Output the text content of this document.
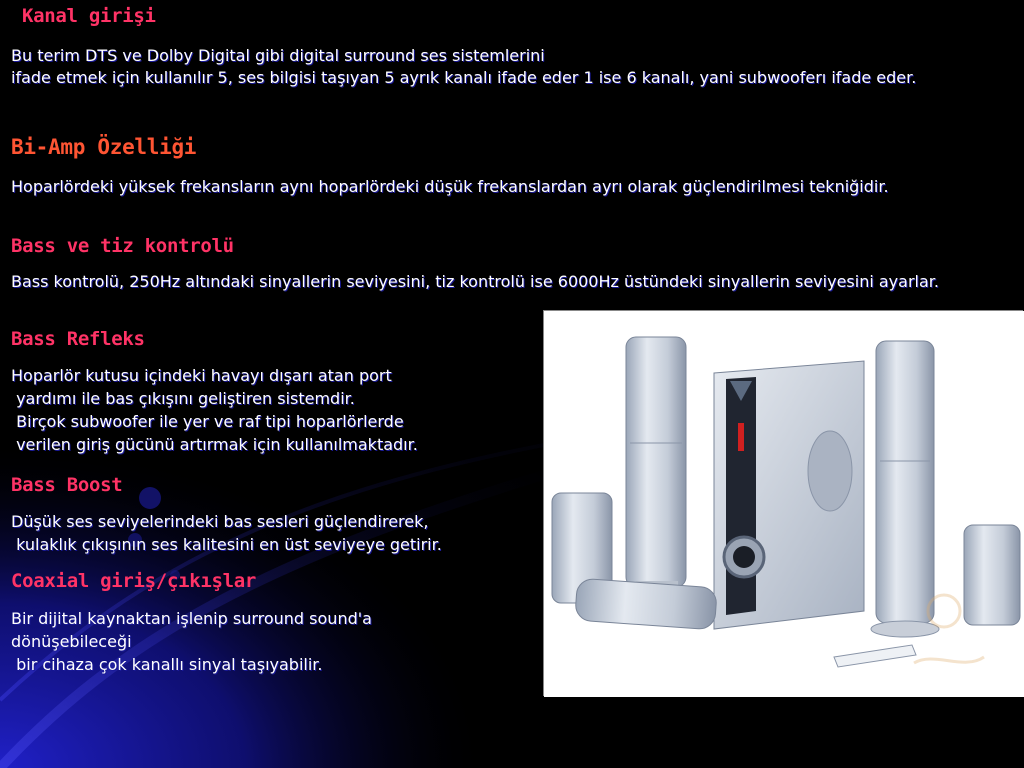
Kanal girişi
Bu terim DTS ve Dolby Digital gibi digital surround ses sistemlerini
ifade etmek için kullanılır 5, ses bilgisi taşıyan 5 ayrık kanalı ifade eder 1 ise 6 kanalı, yani subwooferı ifade eder.
Bi-Amp Özelliği
Hoparlördeki yüksek frekansların aynı hoparlördeki düşük frekanslardan ayrı olarak güçlendirilmesi tekniğidir.
Bass ve tiz kontrolü
Bass kontrolü, 250Hz altındaki sinyallerin seviyesini, tiz kontrolü ise 6000Hz üstündeki sinyallerin seviyesini ayarlar.
Bass Refleks
Hoparlör kutusu içindeki havayı dışarı atan port
yardımı ile bas çıkışını geliştiren sistemdir.
Birçok subwoofer ile yer ve raf tipi hoparlörlerde
verilen giriş gücünü artırmak için kullanılmaktadır.
Bass Boost
Düşük ses seviyelerindeki bas sesleri güçlendirerek,
kulaklık çıkışının ses kalitesini en üst seviyeye getirir.
Coaxial giriş/çıkışlar
Bir dijital kaynaktan işlenip surround sound'a
dönüşebileceği
bir cihaza çok kanallı sinyal taşıyabilir.
